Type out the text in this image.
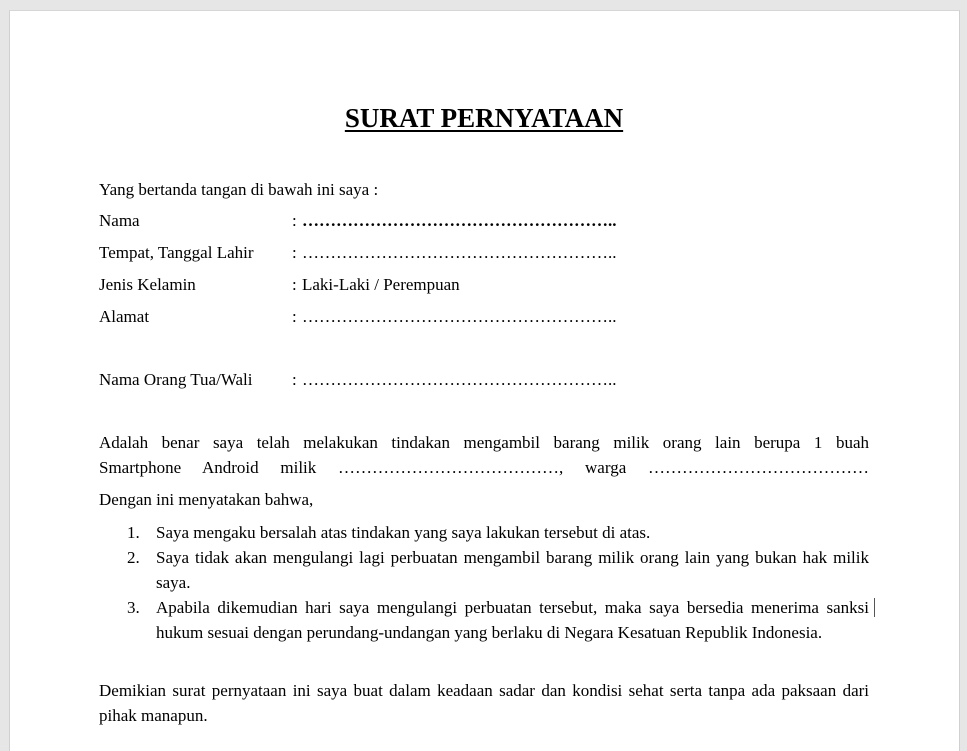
SURAT PERNYATAAN
Yang bertanda tangan di bawah ini saya :
Nama	: ………………………………………………..
Tempat, Tanggal Lahir : ………………………………………………..
Jenis Kelamin	: Laki-Laki / Perempuan
Alamat	: ………………………………………………..
Nama Orang Tua/Wali : ………………………………………………..
Adalah benar saya telah melakukan tindakan mengambil barang milik orang lain berupa 1 buah
Smartphone Android milik …………………………………, warga …………………………………
Dengan ini menyatakan bahwa,
1. Saya mengaku bersalah atas tindakan yang saya lakukan tersebut di atas.
2. Saya tidak akan mengulangi lagi perbuatan mengambil barang milik orang lain yang bukan hak milik saya.
3. Apabila dikemudian hari saya mengulangi perbuatan tersebut, maka saya bersedia menerima sanksi hukum sesuai dengan perundang-undangan yang berlaku di Negara Kesatuan Republik Indonesia.
Demikian surat pernyataan ini saya buat dalam keadaan sadar dan kondisi sehat serta tanpa ada paksaan dari pihak manapun.
